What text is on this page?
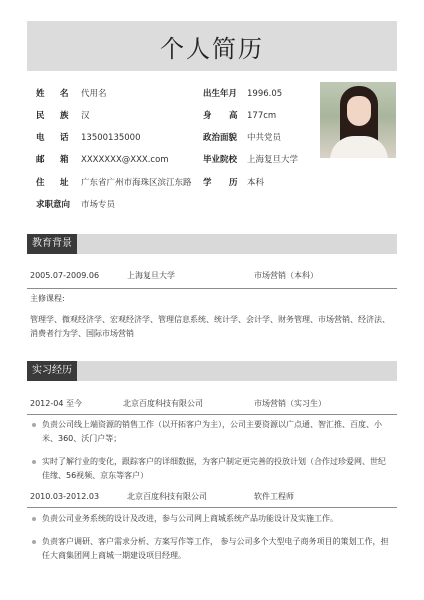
个人简历
姓 名 代用名
民 族 汉
电 话 13500135000
邮 箱 XXXXXXX@XXX.com
住 址 广东省广州市海珠区滨江东路
求职意向 市场专员
出生年月 1996.05
身 高 177cm
政治面貌 中共党员
毕业院校 上海复旦大学
学 历 本科
教育背景
2005.07-2009.06	上海复旦大学	市场营销（本科）
主修课程:
管理学、微观经济学、宏观经济学、管理信息系统、统计学、会计学、财务管理、市场营销、经济法、消费者行为学、国际市场营销
实习经历
2012-04 至今	北京百度科技有限公司	市场营销（实习生）
负责公司线上端资源的销售工作（以开拓客户为主），公司主要资源以广点通、智汇推、百度、小米、360、沃门户等；
实时了解行业的变化，跟踪客户的详细数据，为客户制定更完善的投放计划（合作过珍爱网、世纪佳缘、56视频、京东等客户）
2010.03-2012.03	北京百度科技有限公司	软件工程师
负责公司业务系统的设计及改进，参与公司网上商城系统产品功能设计及实施工作。
负责客户调研、客户需求分析、方案写作等工作， 参与公司多个大型电子商务项目的策划工作，担任大商集团网上商城一期建设项目经理。
